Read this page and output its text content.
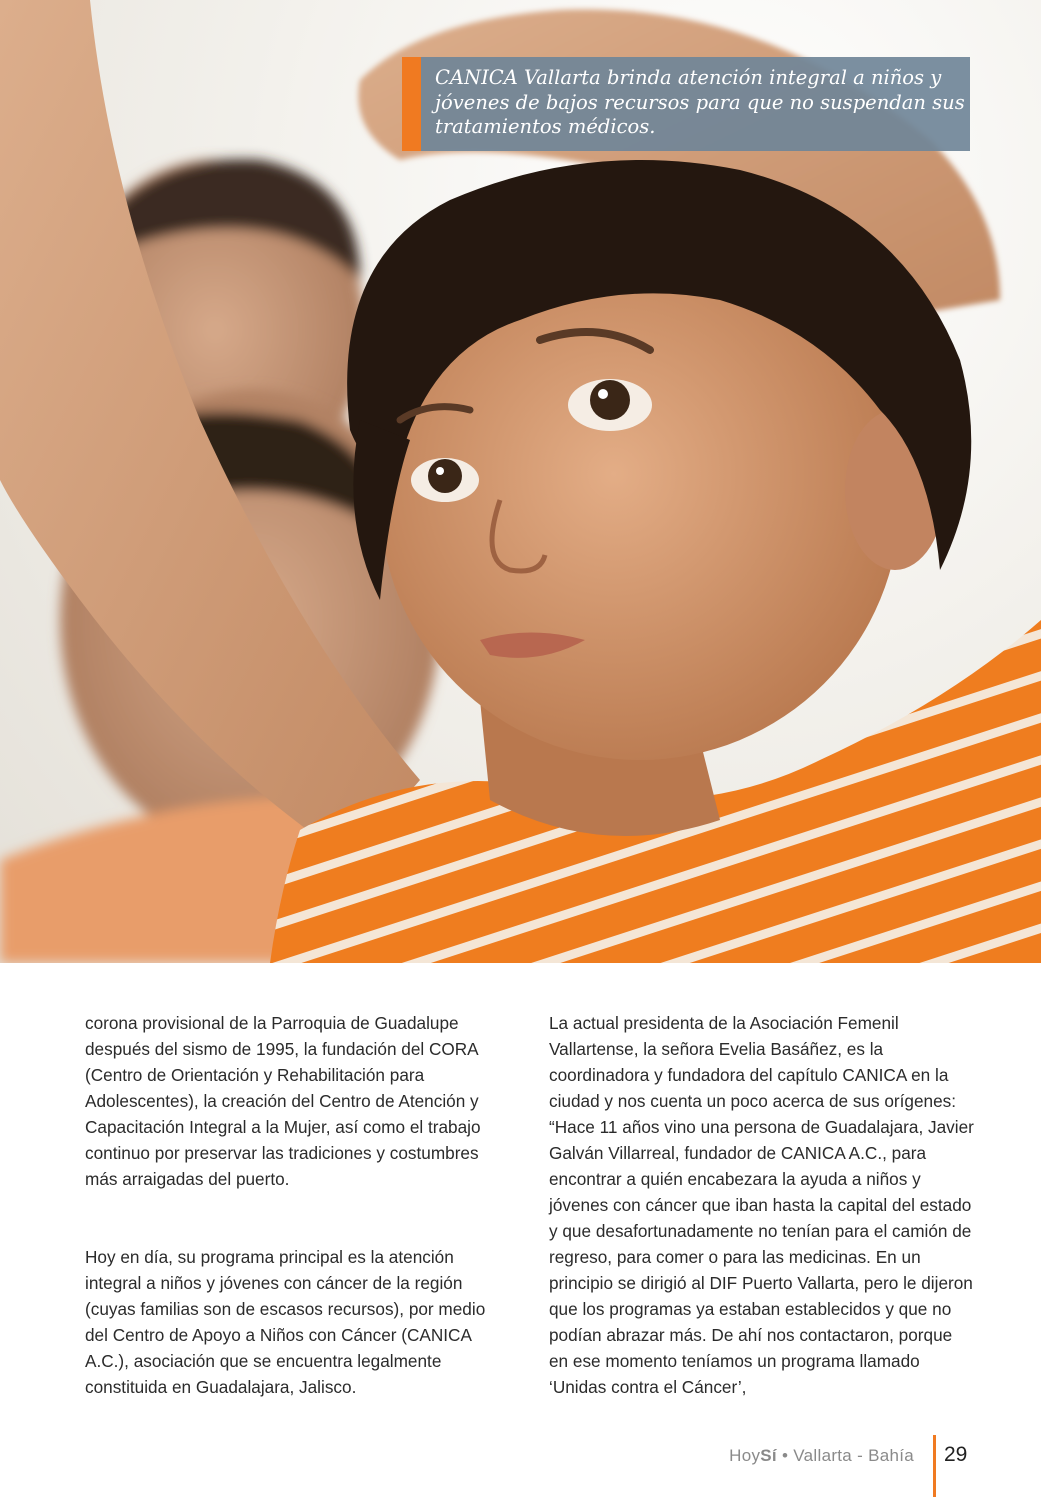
CANICA Vallarta brinda atención integral a niños y jóvenes de bajos recursos para que no suspendan sus tratamientos médicos.

corona provisional de la Parroquia de Guadalupe después del sismo de 1995, la fundación del CORA (Centro de Orientación y Rehabilitación para Adolescentes), la creación del Centro de Atención y Capacitación Integral a la Mujer, así como el trabajo continuo por preservar las tradiciones y costumbres más arraigadas del puerto.

Hoy en día, su programa principal es la atención integral a niños y jóvenes con cáncer de la región (cuyas familias son de escasos recursos), por medio del Centro de Apoyo a Niños con Cáncer (CANICA A.C.), asociación que se encuentra legalmente constituida en Guadalajara, Jalisco.

La actual presidenta de la Asociación Femenil Vallartense, la señora Evelia Basáñez, es la coordinadora y fundadora del capítulo CANICA en la ciudad y nos cuenta un poco acerca de sus orígenes: “Hace 11 años vino una persona de Guadalajara, Javier Galván Villarreal, fundador de CANICA A.C., para encontrar a quién encabezara la ayuda a niños y jóvenes con cáncer que iban hasta la capital del estado y que desafortunadamente no tenían para el camión de regreso, para comer o para las medicinas. En un principio se dirigió al DIF Puerto Vallarta, pero le dijeron que los programas ya estaban establecidos y que no podían abrazar más. De ahí nos contactaron, porque en ese momento teníamos un programa llamado ‘Unidas contra el Cáncer’,

HoySí • Vallarta - Bahía 29
